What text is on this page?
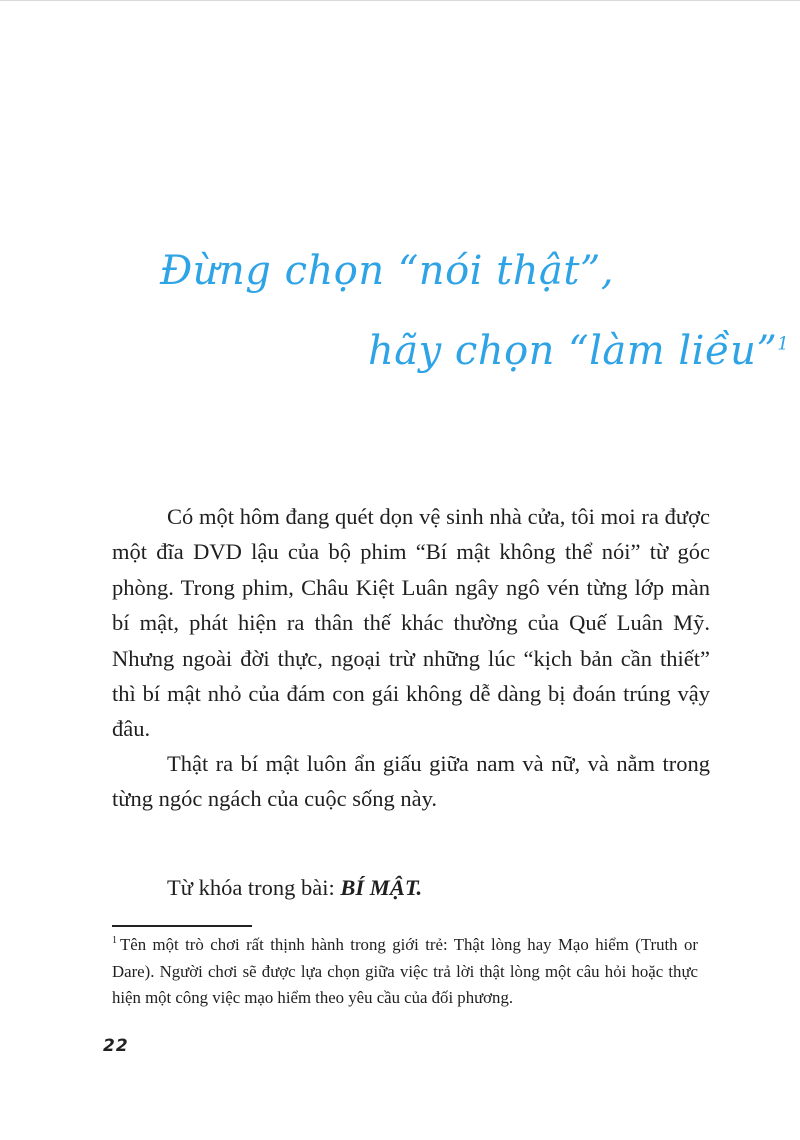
Đừng chọn “nói thật”,
hãy chọn “làm liều”$^1$

Có một hôm đang quét dọn vệ sinh nhà cửa, tôi moi ra được một đĩa DVD lậu của bộ phim “Bí mật không thể nói” từ góc phòng. Trong phim, Châu Kiệt Luân ngây ngô vén từng lớp màn bí mật, phát hiện ra thân thế khác thường của Quế Luân Mỹ. Nhưng ngoài đời thực, ngoại trừ những lúc “kịch bản cần thiết” thì bí mật nhỏ của đám con gái không dễ dàng bị đoán trúng vậy đâu.

Thật ra bí mật luôn ẩn giấu giữa nam và nữ, và nằm trong từng ngóc ngách của cuộc sống này.

Từ khóa trong bài: BÍ MẬT.
$^1$ Tên một trò chơi rất thịnh hành trong giới trẻ: Thật lòng hay Mạo hiểm (Truth or Dare). Người chơi sẽ được lựa chọn giữa việc trả lời thật lòng một câu hỏi hoặc thực hiện một công việc mạo hiểm theo yêu cầu của đối phương.
22
